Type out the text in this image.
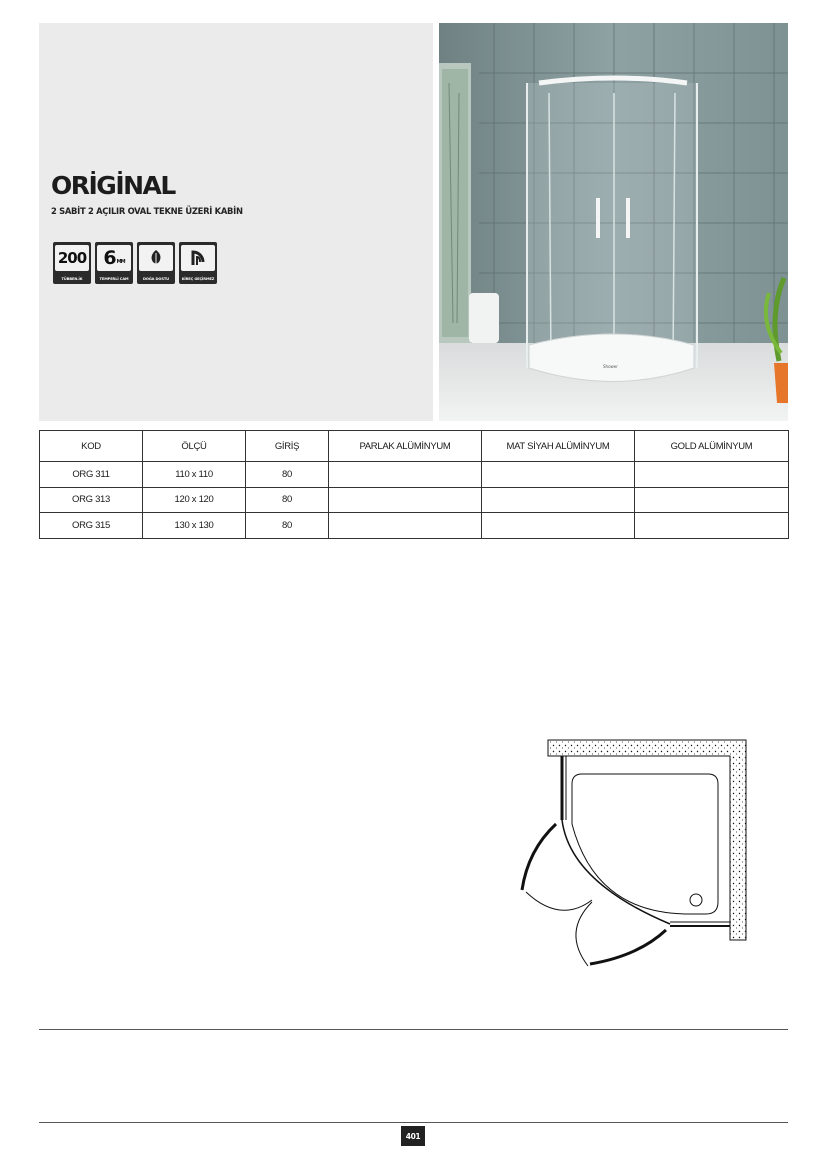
ORİGİNAL
2 SABİT 2 AÇILIR OVAL TEKNE ÜZERİ KABİN
200
TÜBBEN.İK
6 MM
TEMPERLİ CAM	DOĞA DOSTU	KİREÇ GEÇİRMEZ
Shower
KOD	ÖLÇÜ	GİRİŞ	PARLAK ALÜMİNYUM	MAT SİYAH ALÜMİNYUM	GOLD ALÜMİNYUM
ORG 311	110 x 110	80			
ORG 313	120 x 120	80			
ORG 315	130 x 130	80			
401
